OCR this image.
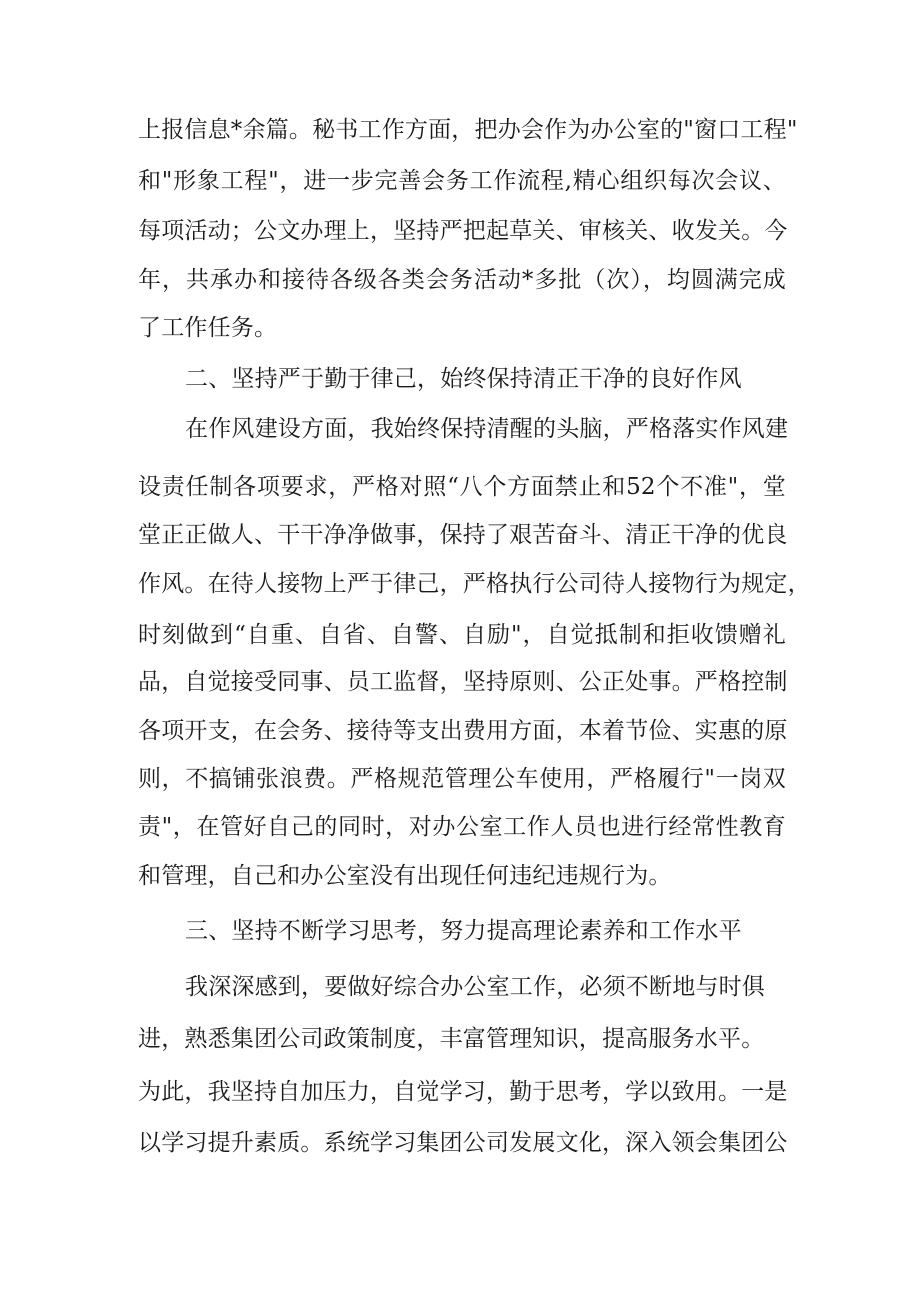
上报信息*余篇。秘书工作方面，把办会作为办公室的"窗口工程"
和"形象工程"，进一步完善会务工作流程,精心组织每次会议、
每项活动；公文办理上，坚持严把起草关、审核关、收发关。今
年，共承办和接待各级各类会务活动*多批（次），均圆满完成
了工作任务。
二、坚持严于勤于律己，始终保持清正干净的良好作风
在作风建设方面，我始终保持清醒的头脑，严格落实作风建
设责任制各项要求，严格对照“八个方面禁止和52个不准"，堂
堂正正做人、干干净净做事，保持了艰苦奋斗、清正干净的优良
作风。在待人接物上严于律己，严格执行公司待人接物行为规定，
时刻做到“自重、自省、自警、自励"，自觉抵制和拒收馈赠礼
品，自觉接受同事、员工监督，坚持原则、公正处事。严格控制
各项开支，在会务、接待等支出费用方面，本着节俭、实惠的原
则，不搞铺张浪费。严格规范管理公车使用，严格履行"一岗双
责"，在管好自己的同时，对办公室工作人员也进行经常性教育
和管理，自己和办公室没有出现任何违纪违规行为。
三、坚持不断学习思考，努力提高理论素养和工作水平
我深深感到，要做好综合办公室工作，必须不断地与时俱
进，熟悉集团公司政策制度，丰富管理知识，提高服务水平。
为此，我坚持自加压力，自觉学习，勤于思考，学以致用。一是
以学习提升素质。系统学习集团公司发展文化，深入领会集团公
